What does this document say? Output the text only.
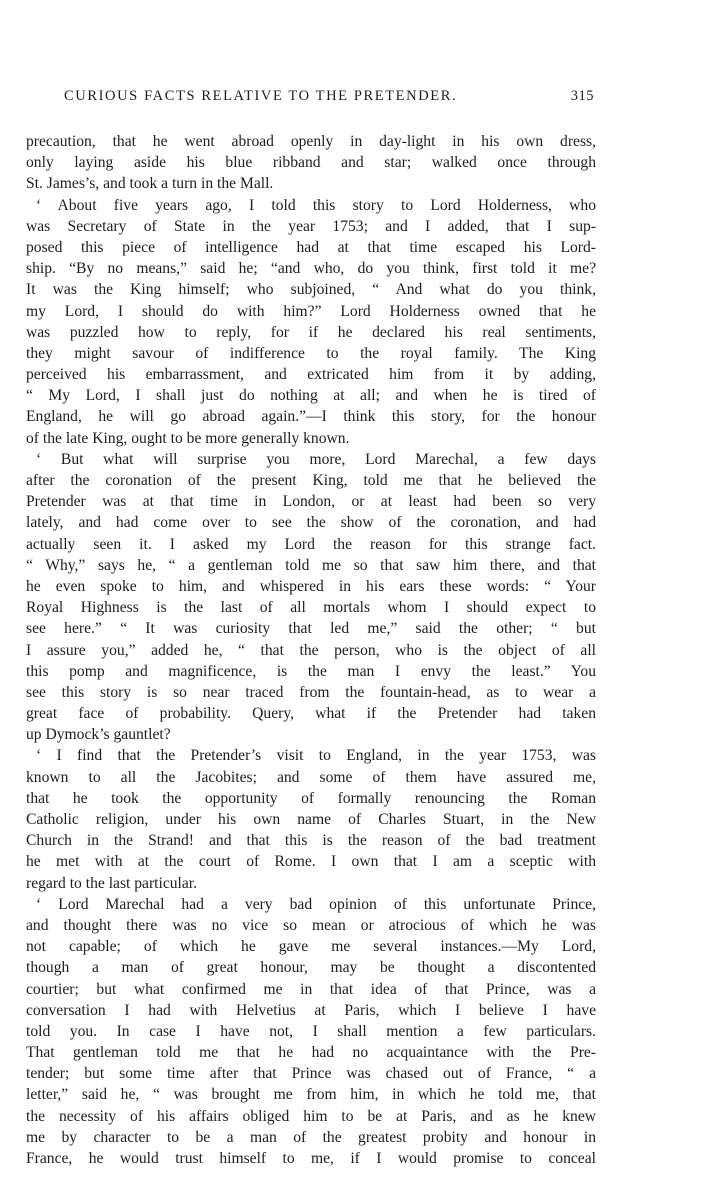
CURIOUS FACTS RELATIVE TO THE PRETENDER.	315
precaution, that he went abroad openly in day-light in his own dress,
only laying aside his blue ribband and star; walked once through
St. James’s, and took a turn in the Mall.
‘ About five years ago, I told this story to Lord Holderness, who
was Secretary of State in the year 1753; and I added, that I sup-
posed this piece of intelligence had at that time escaped his Lord-
ship. “By no means,” said he; “and who, do you think, first told it me?
It was the King himself; who subjoined, “ And what do you think,
my Lord, I should do with him?” Lord Holderness owned that he
was puzzled how to reply, for if he declared his real sentiments,
they might savour of indifference to the royal family. The King
perceived his embarrassment, and extricated him from it by adding,
“ My Lord, I shall just do nothing at all; and when he is tired of
England, he will go abroad again.”—I think this story, for the honour
of the late King, ought to be more generally known.
‘ But what will surprise you more, Lord Marechal, a few days
after the coronation of the present King, told me that he believed the
Pretender was at that time in London, or at least had been so very
lately, and had come over to see the show of the coronation, and had
actually seen it. I asked my Lord the reason for this strange fact.
“ Why,” says he, “ a gentleman told me so that saw him there, and that
he even spoke to him, and whispered in his ears these words: “ Your
Royal Highness is the last of all mortals whom I should expect to
see here.” “ It was curiosity that led me,” said the other; “ but
I assure you,” added he, “ that the person, who is the object of all
this pomp and magnificence, is the man I envy the least.” You
see this story is so near traced from the fountain-head, as to wear a
great face of probability. Query, what if the Pretender had taken
up Dymock’s gauntlet?
‘ I find that the Pretender’s visit to England, in the year 1753, was
known to all the Jacobites; and some of them have assured me,
that he took the opportunity of formally renouncing the Roman
Catholic religion, under his own name of Charles Stuart, in the New
Church in the Strand! and that this is the reason of the bad treatment
he met with at the court of Rome. I own that I am a sceptic with
regard to the last particular.
‘ Lord Marechal had a very bad opinion of this unfortunate Prince,
and thought there was no vice so mean or atrocious of which he was
not capable; of which he gave me several instances.—My Lord,
though a man of great honour, may be thought a discontented
courtier; but what confirmed me in that idea of that Prince, was a
conversation I had with Helvetius at Paris, which I believe I have
told you. In case I have not, I shall mention a few particulars.
That gentleman told me that he had no acquaintance with the Pre-
tender; but some time after that Prince was chased out of France, “ a
letter,” said he, “ was brought me from him, in which he told me, that
the necessity of his affairs obliged him to be at Paris, and as he knew
me by character to be a man of the greatest probity and honour in
France, he would trust himself to me, if I would promise to conceal
